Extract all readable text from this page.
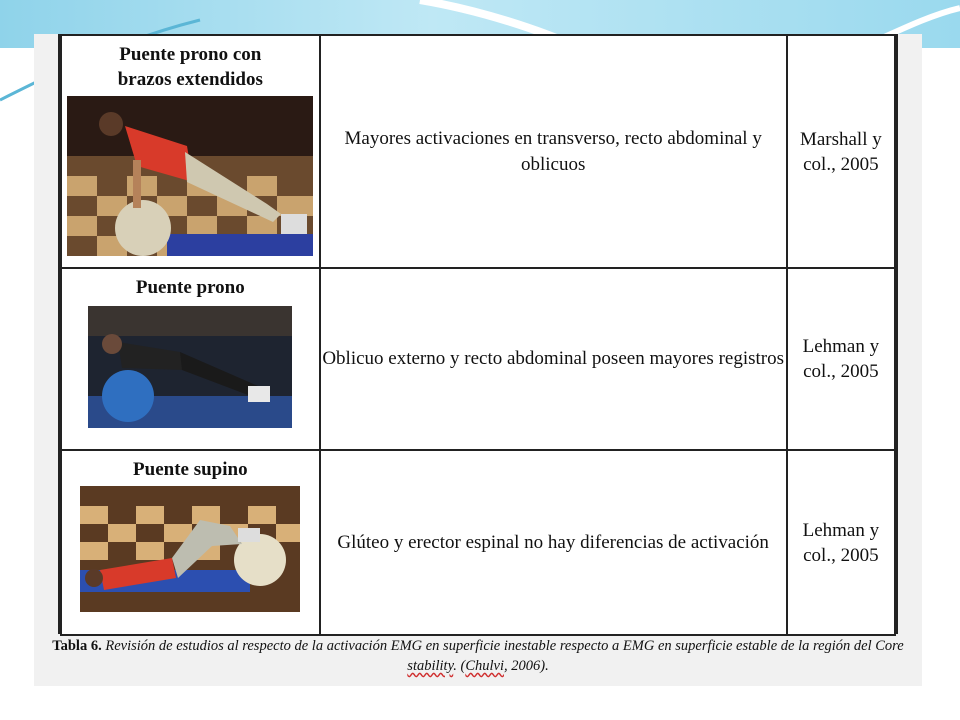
Puente prono con brazos extendidos	Mayores activaciones en transverso, recto abdominal y oblicuos	Marshall y col., 2005

Puente prono	Oblicuo externo y recto abdominal poseen mayores registros	Lehman y col., 2005

Puente supino	Glúteo y erector espinal no hay diferencias de activación	Lehman y col., 2005
Tabla 6. Revisión de estudios al respecto de la activación EMG en superficie inestable respecto a EMG en superficie estable de la región del Core
stability. (Chulvi, 2006).
